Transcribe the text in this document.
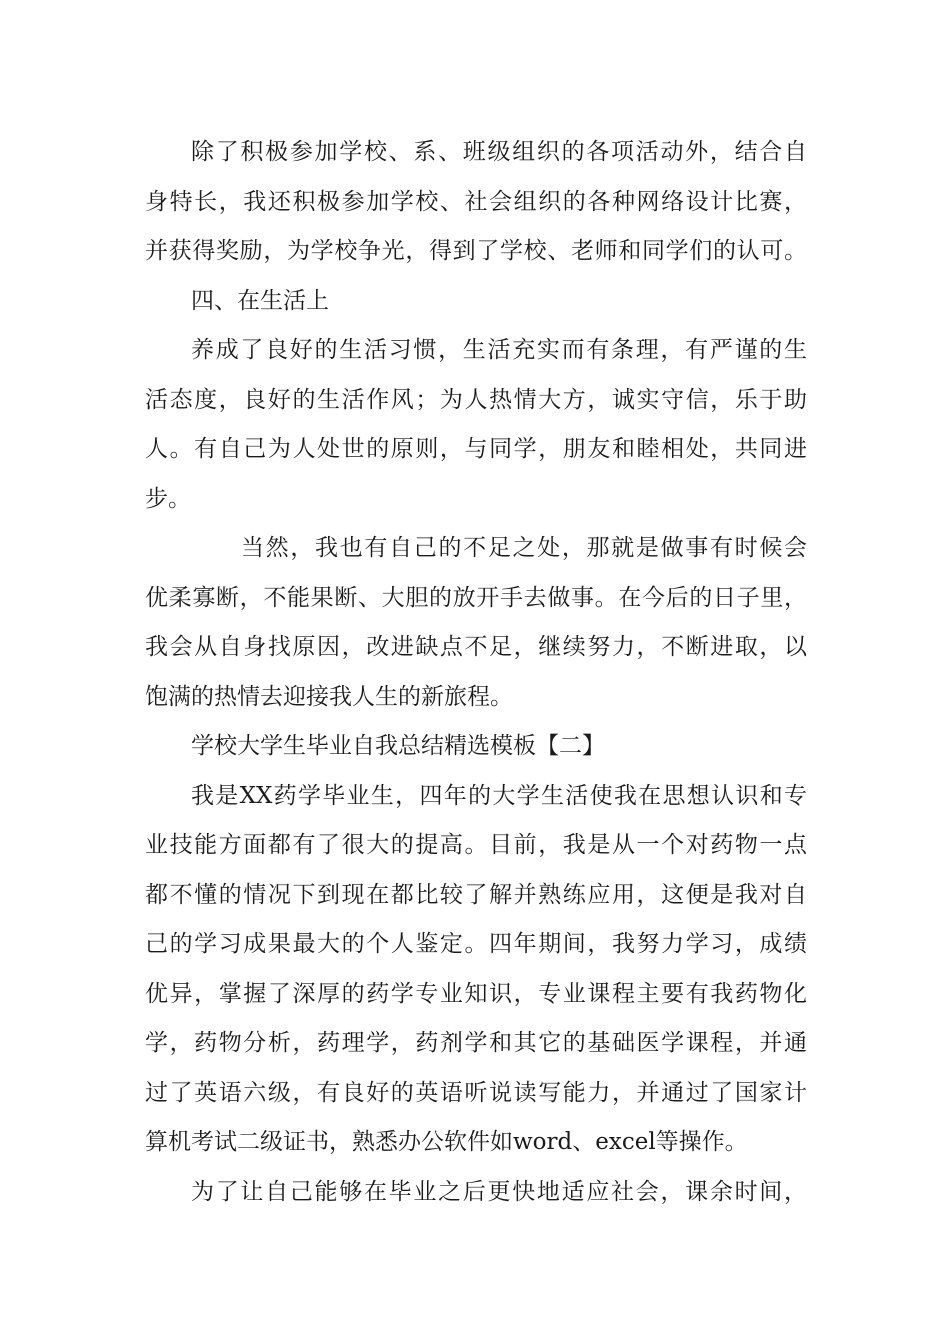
除了积极参加学校、系、班级组织的各项活动外，结合自
身特长，我还积极参加学校、社会组织的各种网络设计比赛，
并获得奖励，为学校争光，得到了学校、老师和同学们的认可。
四、在生活上
养成了良好的生活习惯，生活充实而有条理，有严谨的生
活态度，良好的生活作风；为人热情大方，诚实守信，乐于助
人。有自己为人处世的原则，与同学，朋友和睦相处，共同进
步。
当然，我也有自己的不足之处，那就是做事有时候会
优柔寡断，不能果断、大胆的放开手去做事。在今后的日子里，
我会从自身找原因，改进缺点不足，继续努力，不断进取，以
饱满的热情去迎接我人生的新旅程。
学校大学生毕业自我总结精选模板【二】
我是XX药学毕业生，四年的大学生活使我在思想认识和专
业技能方面都有了很大的提高。目前，我是从一个对药物一点
都不懂的情况下到现在都比较了解并熟练应用，这便是我对自
己的学习成果最大的个人鉴定。四年期间，我努力学习，成绩
优异，掌握了深厚的药学专业知识，专业课程主要有我药物化
学，药物分析，药理学，药剂学和其它的基础医学课程，并通
过了英语六级，有良好的英语听说读写能力，并通过了国家计
算机考试二级证书，熟悉办公软件如word、excel等操作。
为了让自己能够在毕业之后更快地适应社会，课余时间，
